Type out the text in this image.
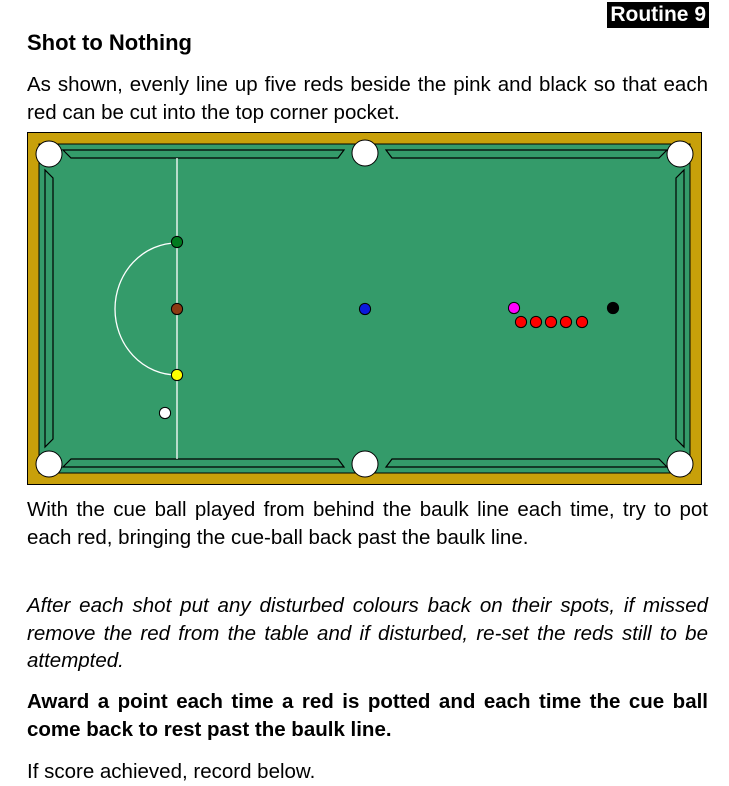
Routine 9
Shot to Nothing

As shown, evenly line up five reds beside the pink and black so that each red can be cut into the top corner pocket.

With the cue ball played from behind the baulk line each time, try to pot each red, bringing the cue-ball back past the baulk line.

After each shot put any disturbed colours back on their spots, if missed remove the red from the table and if disturbed, re-set the reds still to be attempted.

Award a point each time a red is potted and each time the cue ball come back to rest past the baulk line.

If score achieved, record below.
